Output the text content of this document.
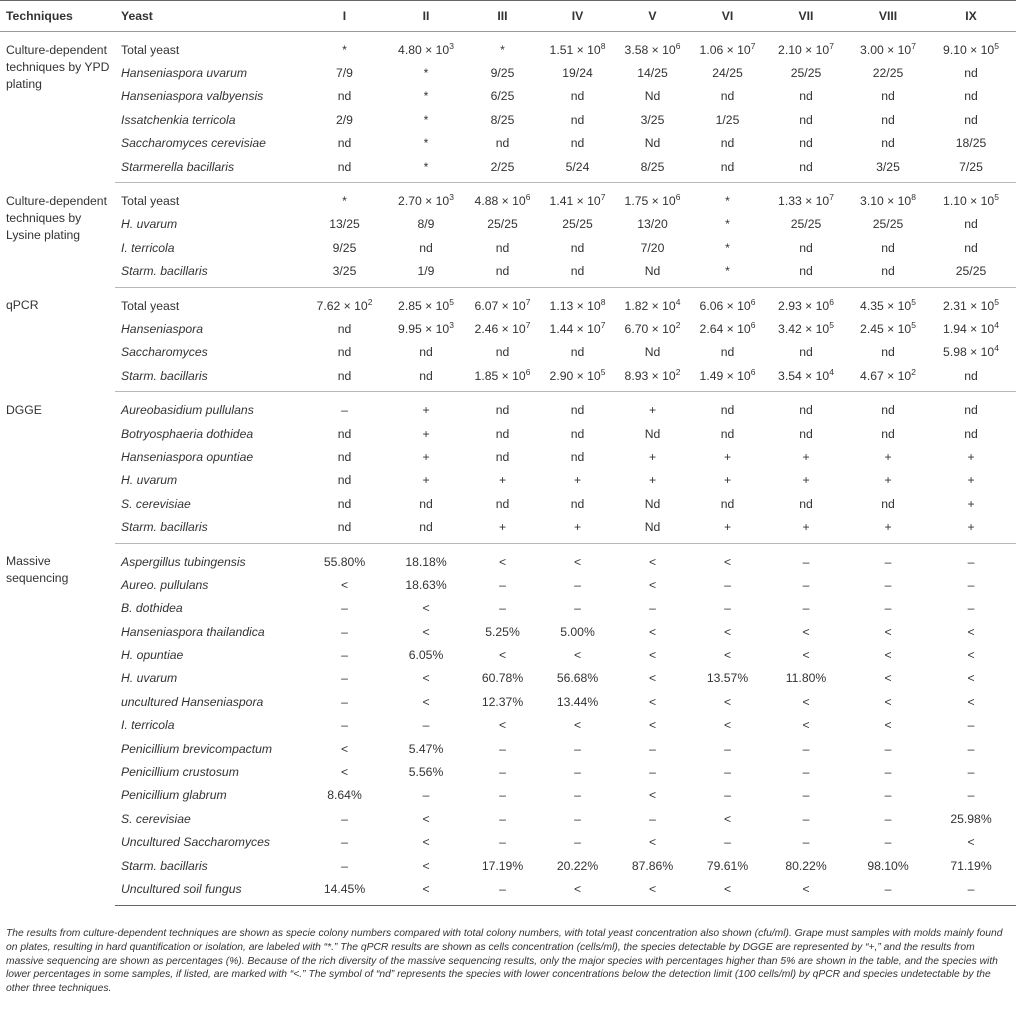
Techniques	Yeast	I	II	III	IV	V	VI	VII	VIII	IX
Culture-dependent techniques by YPD plating	Total yeast	*	$4.80 \times 10^3$	*	$1.51 \times 10^8$	$3.58 \times 10^6$	$1.06 \times 10^7$	$2.10 \times 10^7$	$3.00 \times 10^7$	$9.10 \times 10^5$
	Hanseniaspora uvarum	7/9	*	9/25	19/24	14/25	24/25	25/25	22/25	nd
	Hanseniaspora valbyensis	nd	*	6/25	nd	Nd	nd	nd	nd	nd
	Issatchenkia terricola	2/9	*	8/25	nd	3/25	1/25	nd	nd	nd
	Saccharomyces cerevisiae	nd	*	nd	nd	Nd	nd	nd	nd	18/25
	Starmerella bacillaris	nd	*	2/25	5/24	8/25	nd	nd	3/25	7/25
Culture-dependent techniques by Lysine plating	Total yeast	*	$2.70 \times 10^3$	$4.88 \times 10^6$	$1.41 \times 10^7$	$1.75 \times 10^6$	*	$1.33 \times 10^7$	$3.10 \times 10^8$	$1.10 \times 10^5$
	H. uvarum	13/25	8/9	25/25	25/25	13/20	*	25/25	25/25	nd
	I. terricola	9/25	nd	nd	nd	7/20	*	nd	nd	nd
	Starm. bacillaris	3/25	1/9	nd	nd	Nd	*	nd	nd	25/25
qPCR	Total yeast	$7.62 \times 10^2$	$2.85 \times 10^5$	$6.07 \times 10^7$	$1.13 \times 10^8$	$1.82 \times 10^4$	$6.06 \times 10^6$	$2.93 \times 10^6$	$4.35 \times 10^5$	$2.31 \times 10^5$
	Hanseniaspora	nd	$9.95 \times 10^3$	$2.46 \times 10^7$	$1.44 \times 10^7$	$6.70 \times 10^2$	$2.64 \times 10^6$	$3.42 \times 10^5$	$2.45 \times 10^5$	$1.94 \times 10^4$
	Saccharomyces	nd	nd	nd	nd	Nd	nd	nd	nd	$5.98 \times 10^4$
	Starm. bacillaris	nd	nd	$1.85 \times 10^6$	$2.90 \times 10^5$	$8.93 \times 10^2$	$1.49 \times 10^6$	$3.54 \times 10^4$	$4.67 \times 10^2$	nd
DGGE	Aureobasidium pullulans	–	+	nd	nd	+	nd	nd	nd	nd
	Botryosphaeria dothidea	nd	+	nd	nd	Nd	nd	nd	nd	nd
	Hanseniaspora opuntiae	nd	+	nd	nd	+	+	+	+	+
	H. uvarum	nd	+	+	+	+	+	+	+	+
	S. cerevisiae	nd	nd	nd	nd	Nd	nd	nd	nd	+
	Starm. bacillaris	nd	nd	+	+	Nd	+	+	+	+
Massive sequencing	Aspergillus tubingensis	55.80%	18.18%	<	<	<	<	–	–	–
	Aureo. pullulans	<	18.63%	–	–	<	–	–	–	–
	B. dothidea	–	<	–	–	–	–	–	–	–
	Hanseniaspora thailandica	–	<	5.25%	5.00%	<	<	<	<	<
	H. opuntiae	–	6.05%	<	<	<	<	<	<	<
	H. uvarum	–	<	60.78%	56.68%	<	13.57%	11.80%	<	<
	uncultured Hanseniaspora	–	<	12.37%	13.44%	<	<	<	<	<
	I. terricola	–	–	<	<	<	<	<	<	–
	Penicillium brevicompactum	<	5.47%	–	–	–	–	–	–	–
	Penicillium crustosum	<	5.56%	–	–	–	–	–	–	–
	Penicillium glabrum	8.64%	–	–	–	<	–	–	–	–
	S. cerevisiae	–	<	–	–	–	<	–	–	25.98%
	Uncultured Saccharomyces	–	<	–	–	<	–	–	–	<
	Starm. bacillaris	–	<	17.19%	20.22%	87.86%	79.61%	80.22%	98.10%	71.19%
	Uncultured soil fungus	14.45%	<	–	<	<	<	<	–	–
The results from culture-dependent techniques are shown as specie colony numbers compared with total colony numbers, with total yeast concentration also shown (cfu/ml). Grape must samples with molds mainly found on plates, resulting in hard quantification or isolation, are labeled with “*.” The qPCR results are shown as cells concentration (cells/ml), the species detectable by DGGE are represented by “+,” and the results from massive sequencing are shown as percentages (%). Because of the rich diversity of the massive sequencing results, only the major species with percentages higher than 5% are shown in the table, and the species with lower percentages in some samples, if listed, are marked with “<.” The symbol of “nd” represents the species with lower concentrations below the detection limit (100 cells/ml) by qPCR and species undetectable by the other three techniques.
